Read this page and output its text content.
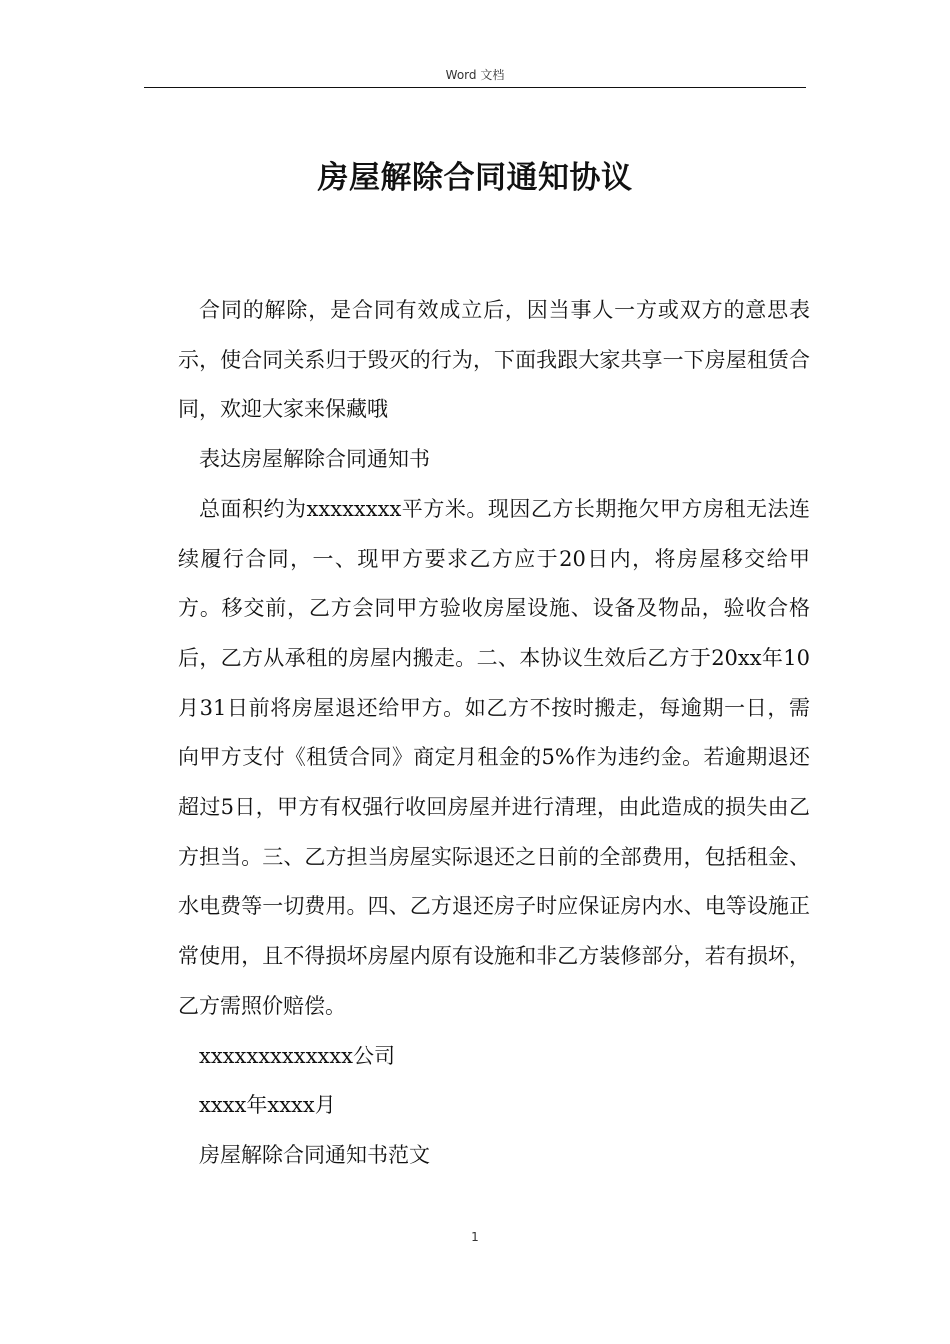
Word 文档
房屋解除合同通知协议

合同的解除，是合同有效成立后，因当事人一方或双方的意思表示，使合同关系归于毁灭的行为，下面我跟大家共享一下房屋租赁合同，欢迎大家来保藏哦

表达房屋解除合同通知书

总面积约为xxxxxxxx平方米。现因乙方长期拖欠甲方房租无法连续履行合同，一、现甲方要求乙方应于20日内，将房屋移交给甲方。移交前，乙方会同甲方验收房屋设施、设备及物品，验收合格后，乙方从承租的房屋内搬走。二、本协议生效后乙方于20xx年10月31日前将房屋退还给甲方。如乙方不按时搬走，每逾期一日，需向甲方支付《租赁合同》商定月租金的5%作为违约金。若逾期退还超过5日，甲方有权强行收回房屋并进行清理，由此造成的损失由乙方担当。三、乙方担当房屋实际退还之日前的全部费用，包括租金、水电费等一切费用。四、乙方退还房子时应保证房内水、电等设施正常使用，且不得损坏房屋内原有设施和非乙方装修部分，若有损坏，乙方需照价赔偿。

xxxxxxxxxxxxx公司

xxxx年xxxx月

房屋解除合同通知书范文

1
